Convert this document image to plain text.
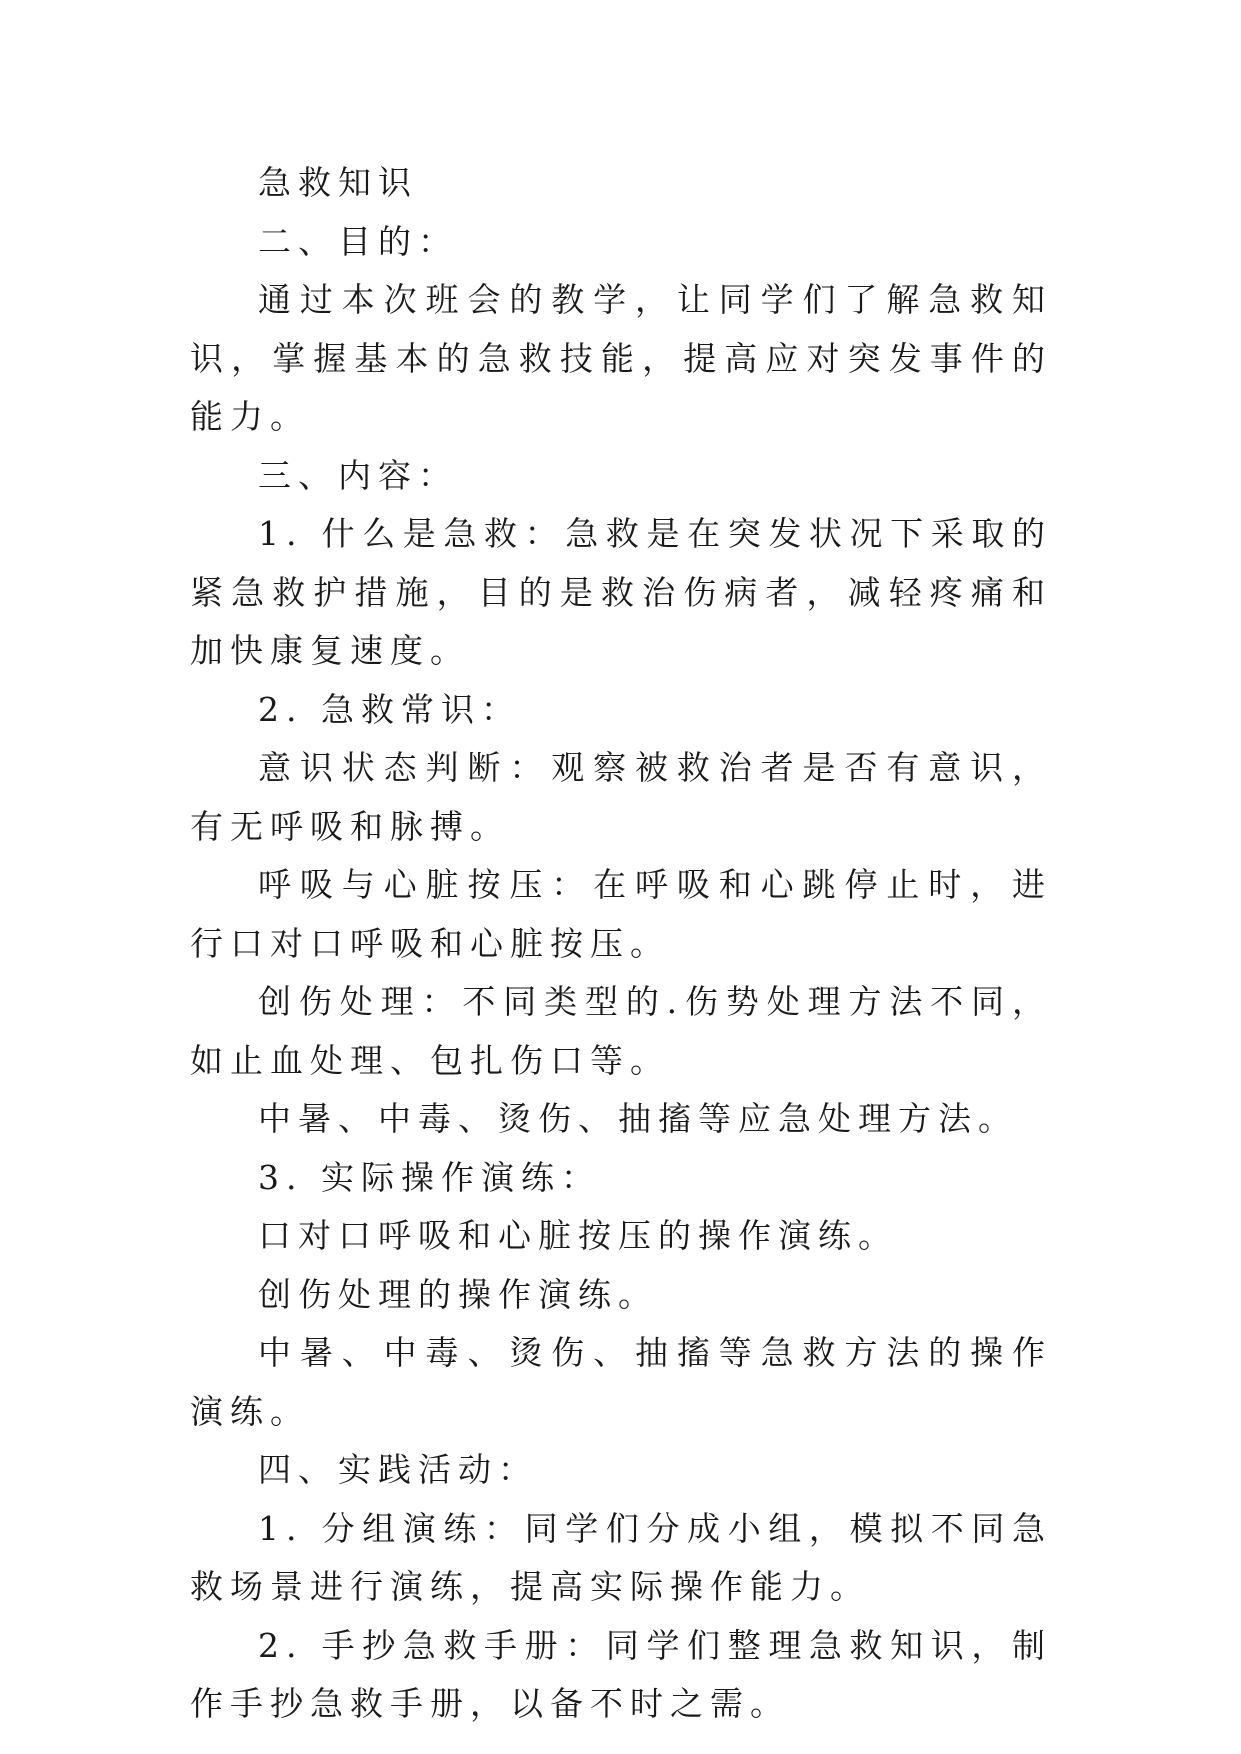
急救知识

二、目的：

通过本次班会的教学，让同学们了解急救知识，掌握基本的急救技能，提高应对突发事件的能力。

三、内容：

1. 什么是急救：急救是在突发状况下采取的紧急救护措施，目的是救治伤病者，减轻疼痛和加快康复速度。

2. 急救常识：

意识状态判断：观察被救治者是否有意识，有无呼吸和脉搏。

呼吸与心脏按压：在呼吸和心跳停止时，进行口对口呼吸和心脏按压。

创伤处理：不同类型的.伤势处理方法不同，如止血处理、包扎伤口等。

中暑、中毒、烫伤、抽搐等应急处理方法。

3. 实际操作演练：

口对口呼吸和心脏按压的操作演练。

创伤处理的操作演练。

中暑、中毒、烫伤、抽搐等急救方法的操作演练。

四、实践活动：

1. 分组演练：同学们分成小组，模拟不同急救场景进行演练，提高实际操作能力。

2. 手抄急救手册：同学们整理急救知识，制作手抄急救手册，以备不时之需。
